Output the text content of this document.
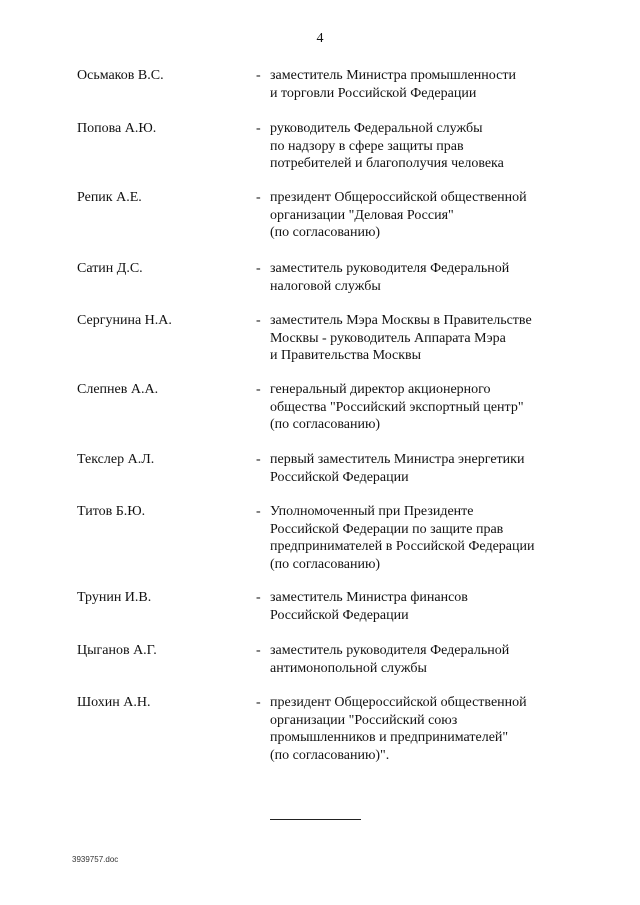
4
Осьмаков В.С.	- заместитель Министра промышленности
и торговли Российской Федерации
Попова А.Ю.	- руководитель Федеральной службы
по надзору в сфере защиты прав
потребителей и благополучия человека
Репик А.Е.	- президент Общероссийской общественной
организации "Деловая Россия"
(по согласованию)
Сатин Д.С.	- заместитель руководителя Федеральной
налоговой службы
Сергунина Н.А.	- заместитель Мэра Москвы в Правительстве
Москвы - руководитель Аппарата Мэра
и Правительства Москвы
Слепнев А.А.	- генеральный директор акционерного
общества "Российский экспортный центр"
(по согласованию)
Текслер А.Л.	- первый заместитель Министра энергетики
Российской Федерации
Титов Б.Ю.	- Уполномоченный при Президенте
Российской Федерации по защите прав
предпринимателей в Российской Федерации
(по согласованию)
Трунин И.В.	- заместитель Министра финансов
Российской Федерации
Цыганов А.Г.	- заместитель руководителя Федеральной
антимонопольной службы
Шохин А.Н.	- президент Общероссийской общественной
организации "Российский союз
промышленников и предпринимателей"
(по согласованию)".
3939757.doc
